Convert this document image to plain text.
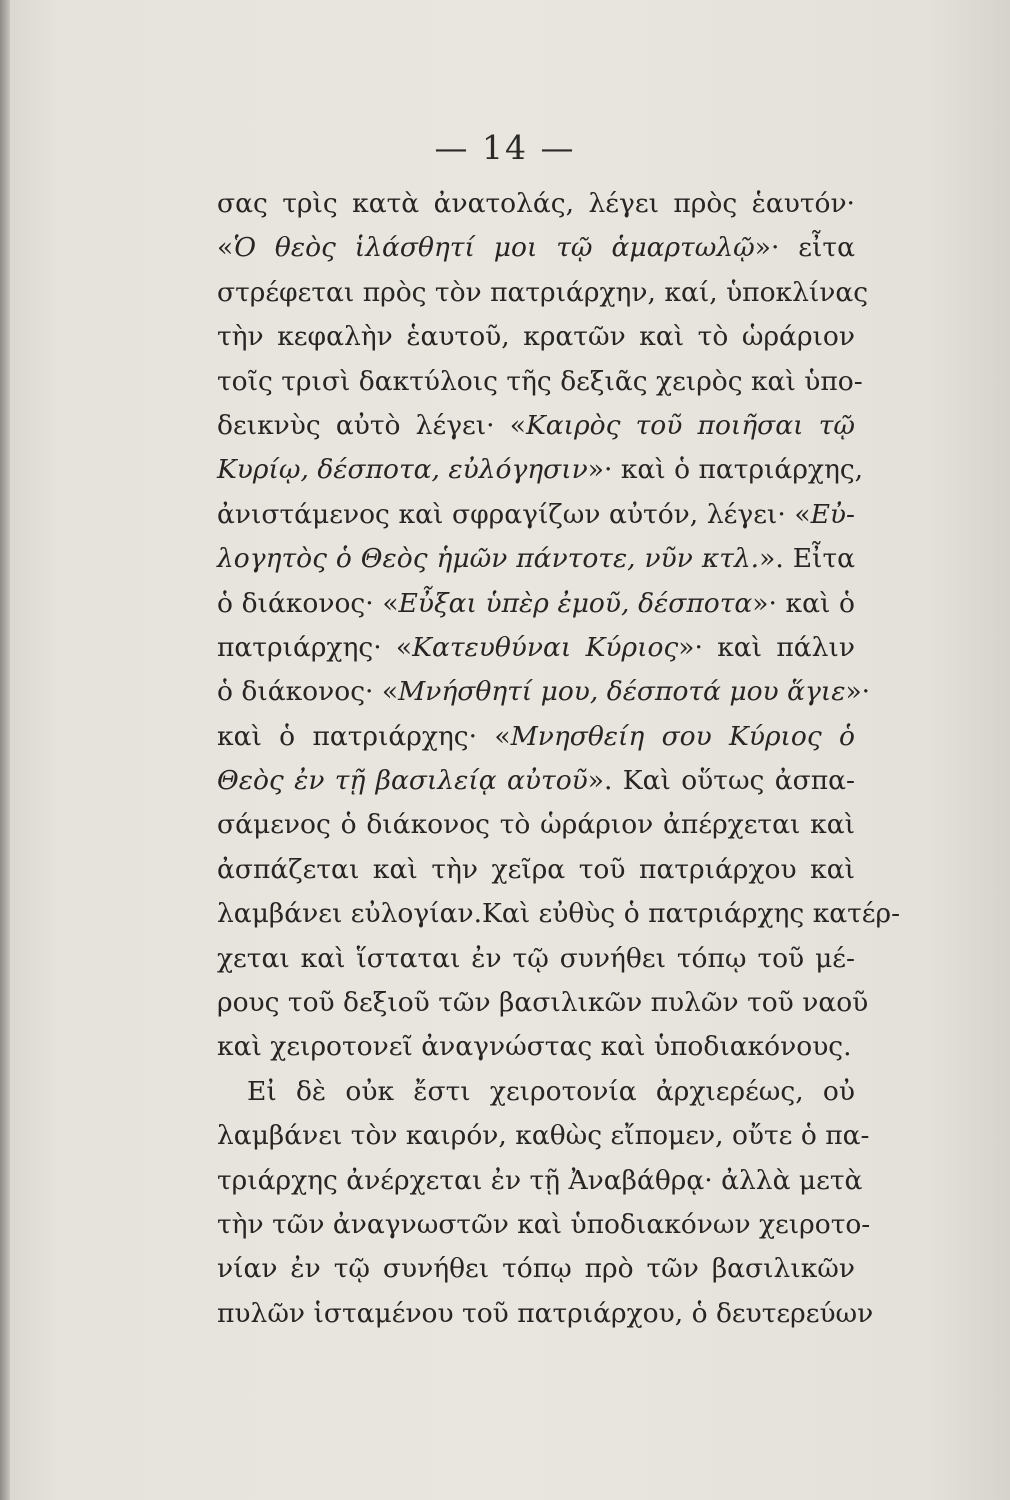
— 14 —
σας τρὶς κατὰ ἀνατολάς, λέγει πρὸς ἑαυτόν·
«Ὁ θεὸς ἱλάσθητί μοι τῷ ἁμαρτωλῷ»· εἶτα
στρέφεται πρὸς τὸν πατριάρχην, καί, ὑποκλίνας
τὴν κεφαλὴν ἑαυτοῦ, κρατῶν καὶ τὸ ὡράριον
τοῖς τρισὶ δακτύλοις τῆς δεξιᾶς χειρὸς καὶ ὑπο-
δεικνὺς αὐτὸ λέγει· «Καιρὸς τοῦ ποιῆσαι τῷ
Κυρίῳ, δέσποτα, εὐλόγησιν»· καὶ ὁ πατριάρχης,
ἀνιστάμενος καὶ σφραγίζων αὐτόν, λέγει· «Εὐ-
λογητὸς ὁ Θεὸς ἡμῶν πάντοτε, νῦν κτλ.». Εἶτα
ὁ διάκονος· «Εὖξαι ὑπὲρ ἐμοῦ, δέσποτα»· καὶ ὁ
πατριάρχης· «Κατευθύναι Κύριος»· καὶ πάλιν
ὁ διάκονος· «Μνήσθητί μου, δέσποτά μου ἅγιε»·
καὶ ὁ πατριάρχης· «Μνησθείη σου Κύριος ὁ
Θεὸς ἐν τῇ βασιλείᾳ αὐτοῦ». Καὶ οὕτως ἀσπα-
σάμενος ὁ διάκονος τὸ ὡράριον ἀπέρχεται καὶ
ἀσπάζεται καὶ τὴν χεῖρα τοῦ πατριάρχου καὶ
λαμβάνει εὐλογίαν.Καὶ εὐθὺς ὁ πατριάρχης κατέρ-
χεται καὶ ἵσταται ἐν τῷ συνήθει τόπῳ τοῦ μέ-
ρους τοῦ δεξιοῦ τῶν βασιλικῶν πυλῶν τοῦ ναοῦ
καὶ χειροτονεῖ ἀναγνώστας καὶ ὑποδιακόνους.
Εἰ δὲ οὐκ ἔστι χειροτονία ἀρχιερέως, οὐ
λαμβάνει τὸν καιρόν, καθὼς εἴπομεν, οὔτε ὁ πα-
τριάρχης ἀνέρχεται ἐν τῇ Ἀναβάθρᾳ· ἀλλὰ μετὰ
τὴν τῶν ἀναγνωστῶν καὶ ὑποδιακόνων χειροτο-
νίαν ἐν τῷ συνήθει τόπῳ πρὸ τῶν βασιλικῶν
πυλῶν ἱσταμένου τοῦ πατριάρχου, ὁ δευτερεύων
